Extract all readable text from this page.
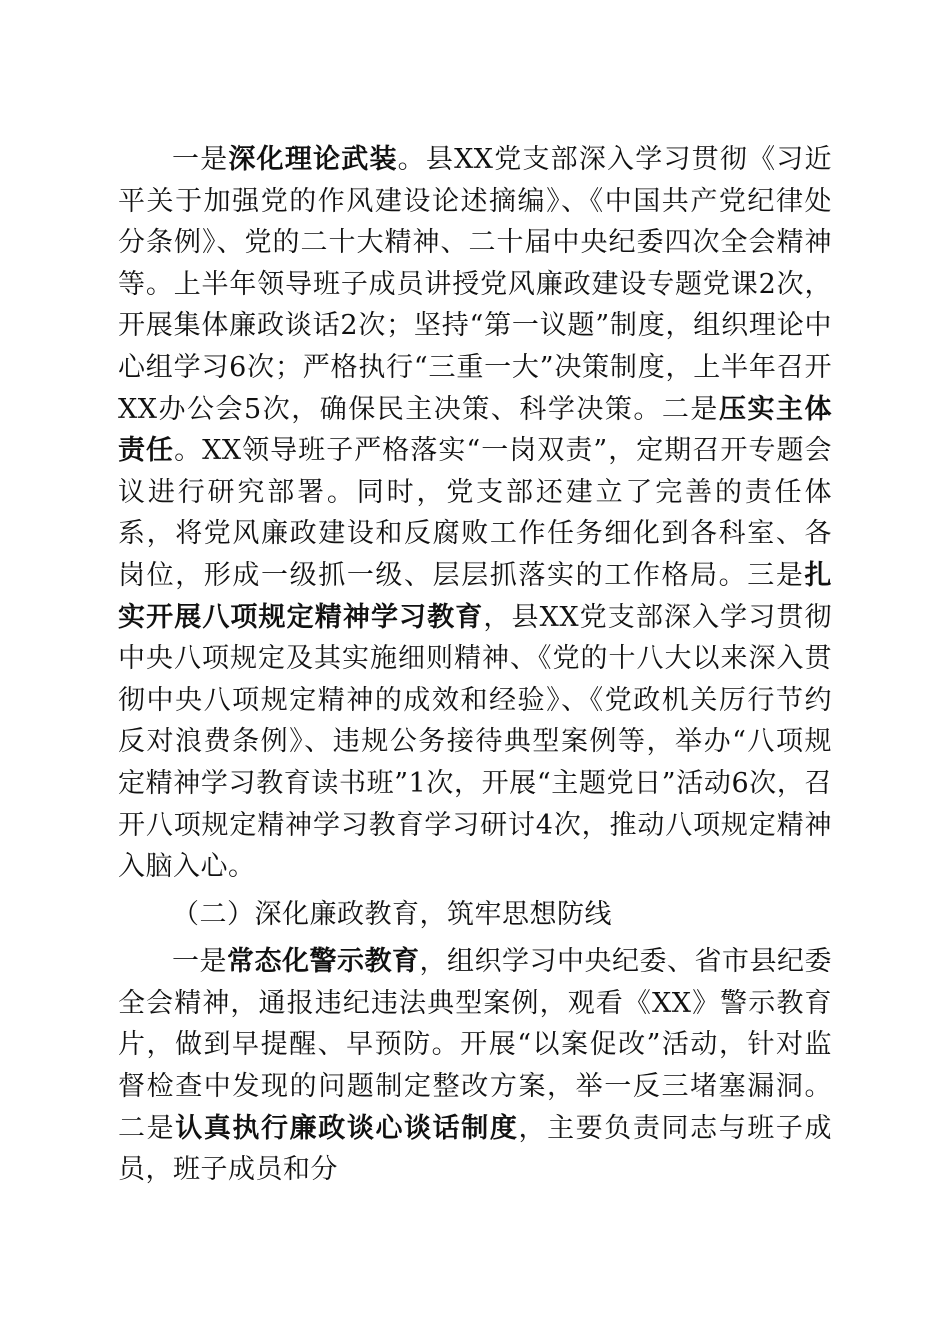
一是深化理论武装。县XX党支部深入学习贯彻《习近平关于加强党的作风建设论述摘编》、《中国共产党纪律处分条例》、党的二十大精神、二十届中央纪委四次全会精神等。上半年领导班子成员讲授党风廉政建设专题党课2次，开展集体廉政谈话2次；坚持“第一议题”制度，组织理论中心组学习6次；严格执行“三重一大”决策制度，上半年召开XX办公会5次，确保民主决策、科学决策。二是压实主体责任。XX领导班子严格落实“一岗双责”，定期召开专题会议进行研究部署。同时，党支部还建立了完善的责任体系，将党风廉政建设和反腐败工作任务细化到各科室、各岗位，形成一级抓一级、层层抓落实的工作格局。三是扎实开展八项规定精神学习教育，县XX党支部深入学习贯彻中央八项规定及其实施细则精神、《党的十八大以来深入贯彻中央八项规定精神的成效和经验》、《党政机关厉行节约反对浪费条例》、违规公务接待典型案例等，举办“八项规定精神学习教育读书班”1次，开展“主题党日”活动6次，召开八项规定精神学习教育学习研讨4次，推动八项规定精神入脑入心。

（二）深化廉政教育，筑牢思想防线

一是常态化警示教育，组织学习中央纪委、省市县纪委全会精神，通报违纪违法典型案例，观看《XX》警示教育片，做到早提醒、早预防。开展“以案促改”活动，针对监督检查中发现的问题制定整改方案，举一反三堵塞漏洞。二是认真执行廉政谈心谈话制度，主要负责同志与班子成员，班子成员和分
